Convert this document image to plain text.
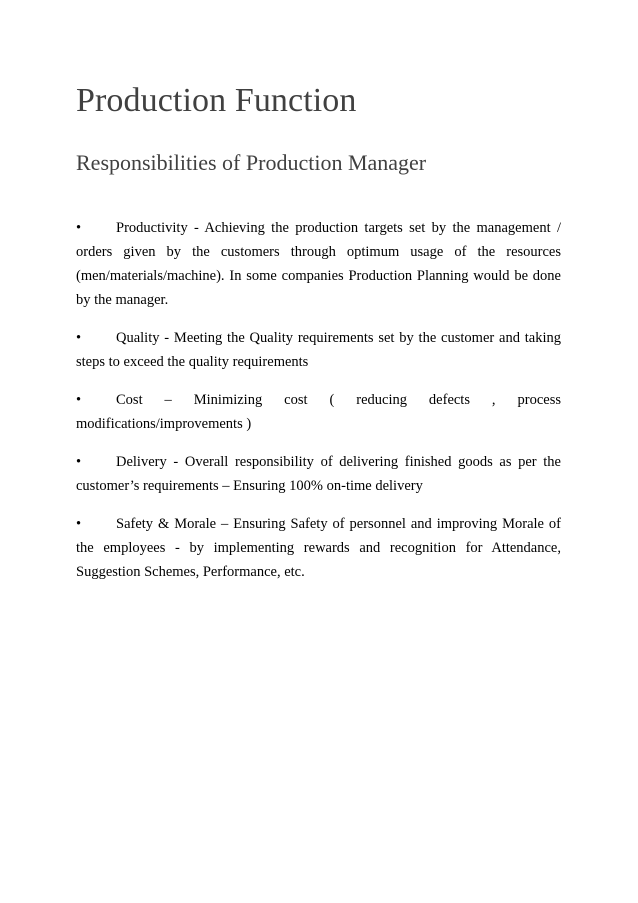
Production Function
Responsibilities of Production Manager
• Productivity - Achieving the production targets set by the management / orders given by the customers through optimum usage of the resources (men/materials/machine). In some companies Production Planning would be done by the manager.
• Quality - Meeting the Quality requirements set by the customer and taking steps to exceed the quality requirements
• Cost – Minimizing cost ( reducing defects , process
modifications/improvements )
• Delivery - Overall responsibility of delivering finished goods as per the customer’s requirements – Ensuring 100% on-time delivery
• Safety & Morale – Ensuring Safety of personnel and improving Morale of the employees - by implementing rewards and recognition for Attendance, Suggestion Schemes, Performance, etc.
